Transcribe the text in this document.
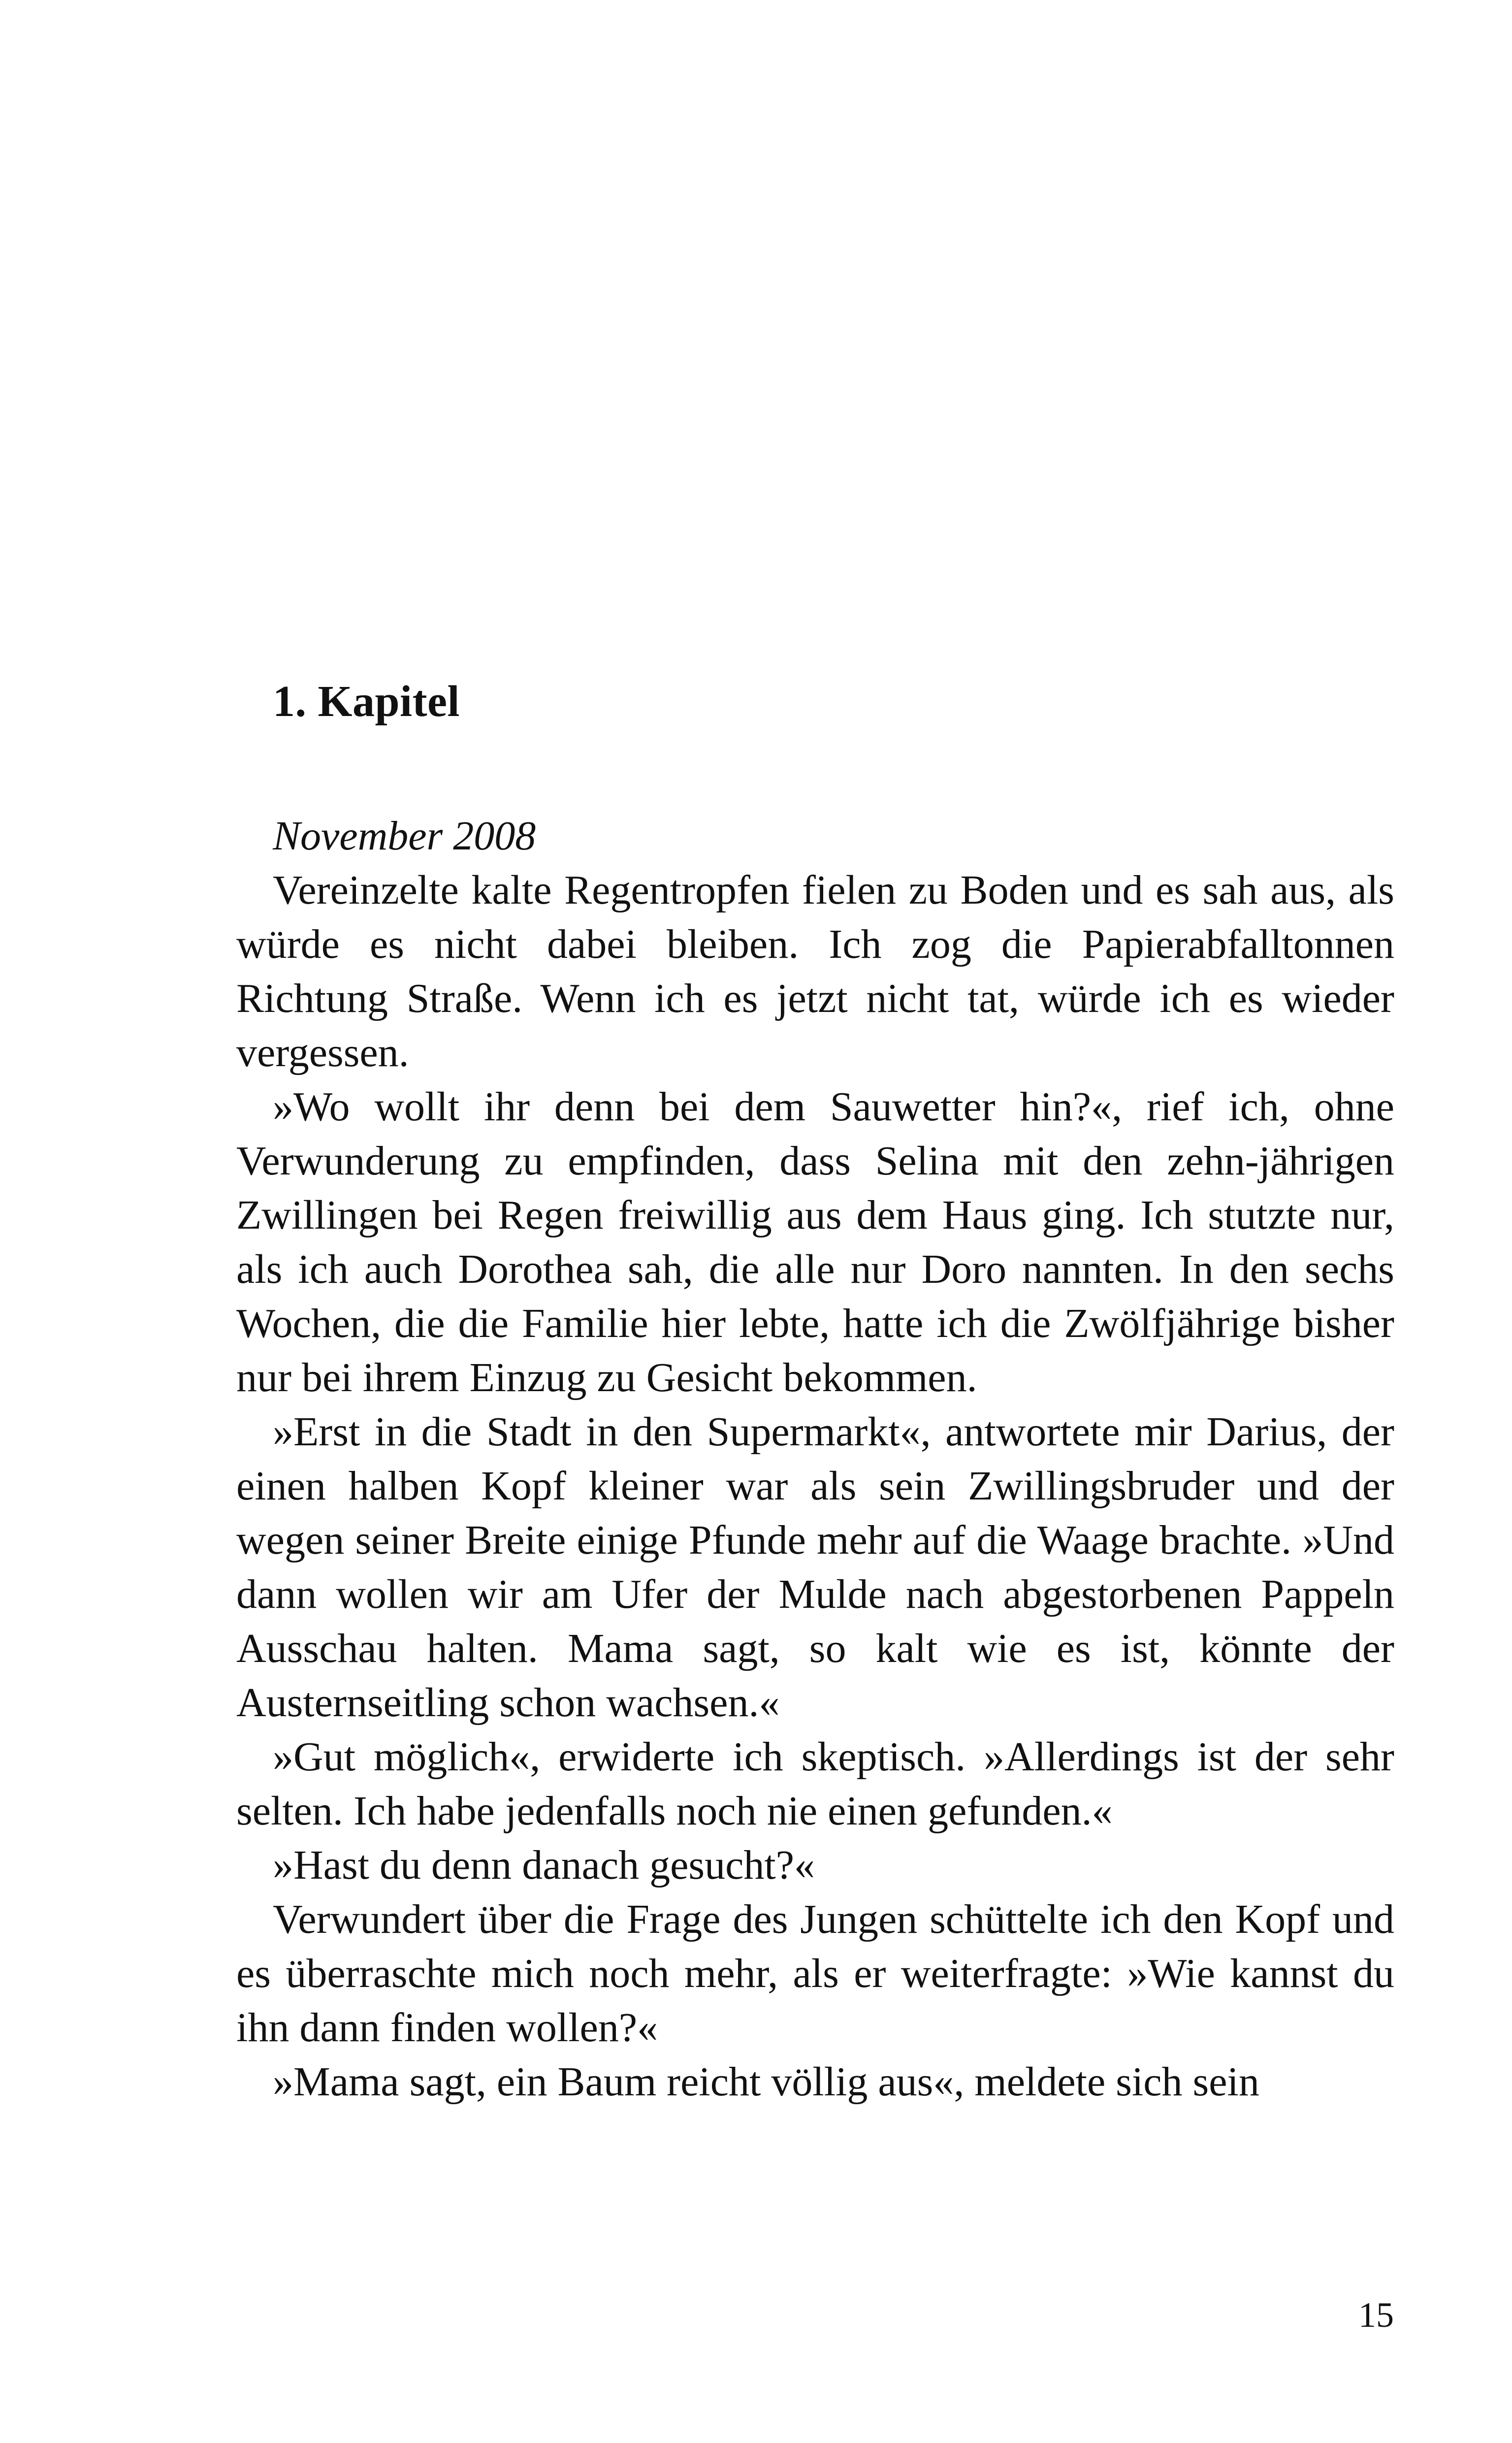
1. Kapitel
November 2008

Vereinzelte kalte Regentropfen fielen zu Boden und es sah aus, als würde es nicht dabei bleiben. Ich zog die Papierabfalltonnen Richtung Straße. Wenn ich es jetzt nicht tat, würde ich es wieder vergessen.

»Wo wollt ihr denn bei dem Sauwetter hin?«, rief ich, ohne Verwunderung zu empfinden, dass Selina mit den zehn-jährigen Zwillingen bei Regen freiwillig aus dem Haus ging. Ich stutzte nur, als ich auch Dorothea sah, die alle nur Doro nannten. In den sechs Wochen, die die Familie hier lebte, hatte ich die Zwölfjährige bisher nur bei ihrem Einzug zu Gesicht bekommen.

»Erst in die Stadt in den Supermarkt«, antwortete mir Darius, der einen halben Kopf kleiner war als sein Zwillingsbruder und der wegen seiner Breite einige Pfunde mehr auf die Waage brachte. »Und dann wollen wir am Ufer der Mulde nach abgestorbenen Pappeln Ausschau halten. Mama sagt, so kalt wie es ist, könnte der Austernseitling schon wachsen.«

»Gut möglich«, erwiderte ich skeptisch. »Allerdings ist der sehr selten. Ich habe jedenfalls noch nie einen gefunden.«

»Hast du denn danach gesucht?«

Verwundert über die Frage des Jungen schüttelte ich den Kopf und es überraschte mich noch mehr, als er weiterfragte: »Wie kannst du ihn dann finden wollen?«

»Mama sagt, ein Baum reicht völlig aus«, meldete sich sein

15
